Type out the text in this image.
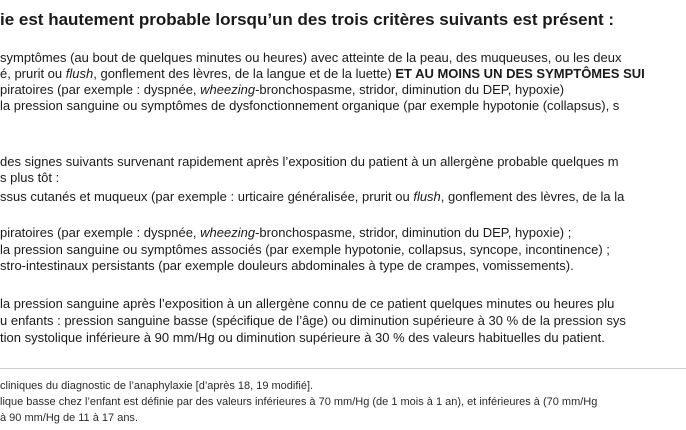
ie est hautement probable lorsqu’un des trois critères suivants est présent :
symptômes (au bout de quelques minutes ou heures) avec atteinte de la peau, des muqueuses, ou les deux
é, prurit ou flush, gonflement des lèvres, de la langue et de la luette) ET AU MOINS UN DES SYMPTÔMES SUI
piratoires (par exemple : dyspnée, wheezing-bronchospasme, stridor, diminution du DEP, hypoxie)
la pression sanguine ou symptômes de dysfonctionnement organique (par exemple hypotonie (collapsus), s
des signes suivants survenant rapidement après l’exposition du patient à un allergène probable quelques m
s plus tôt :
ssus cutanés et muqueux (par exemple : urticaire généralisée, prurit ou flush, gonflement des lèvres, de la la
piratoires (par exemple : dyspnée, wheezing-bronchospasme, stridor, diminution du DEP, hypoxie) ;
la pression sanguine ou symptômes associés (par exemple hypotonie, collapsus, syncope, incontinence) ;
stro-intestinaux persistants (par exemple douleurs abdominales à type de crampes, vomissements).
la pression sanguine après l’exposition à un allergène connu de ce patient quelques minutes ou heures plu
u enfants : pression sanguine basse (spécifique de l’âge) ou diminution supérieure à 30 % de la pression sys
tion systolique inférieure à 90 mm/Hg ou diminution supérieure à 30 % des valeurs habituelles du patient.
cliniques du diagnostic de l’anaphylaxie [d’après 18, 19 modifié].
lique basse chez l’enfant est définie par des valeurs inférieures à 70 mm/Hg (de 1 mois à 1 an), et inférieures à (70 mm/Hg
à 90 mm/Hg de 11 à 17 ans.
